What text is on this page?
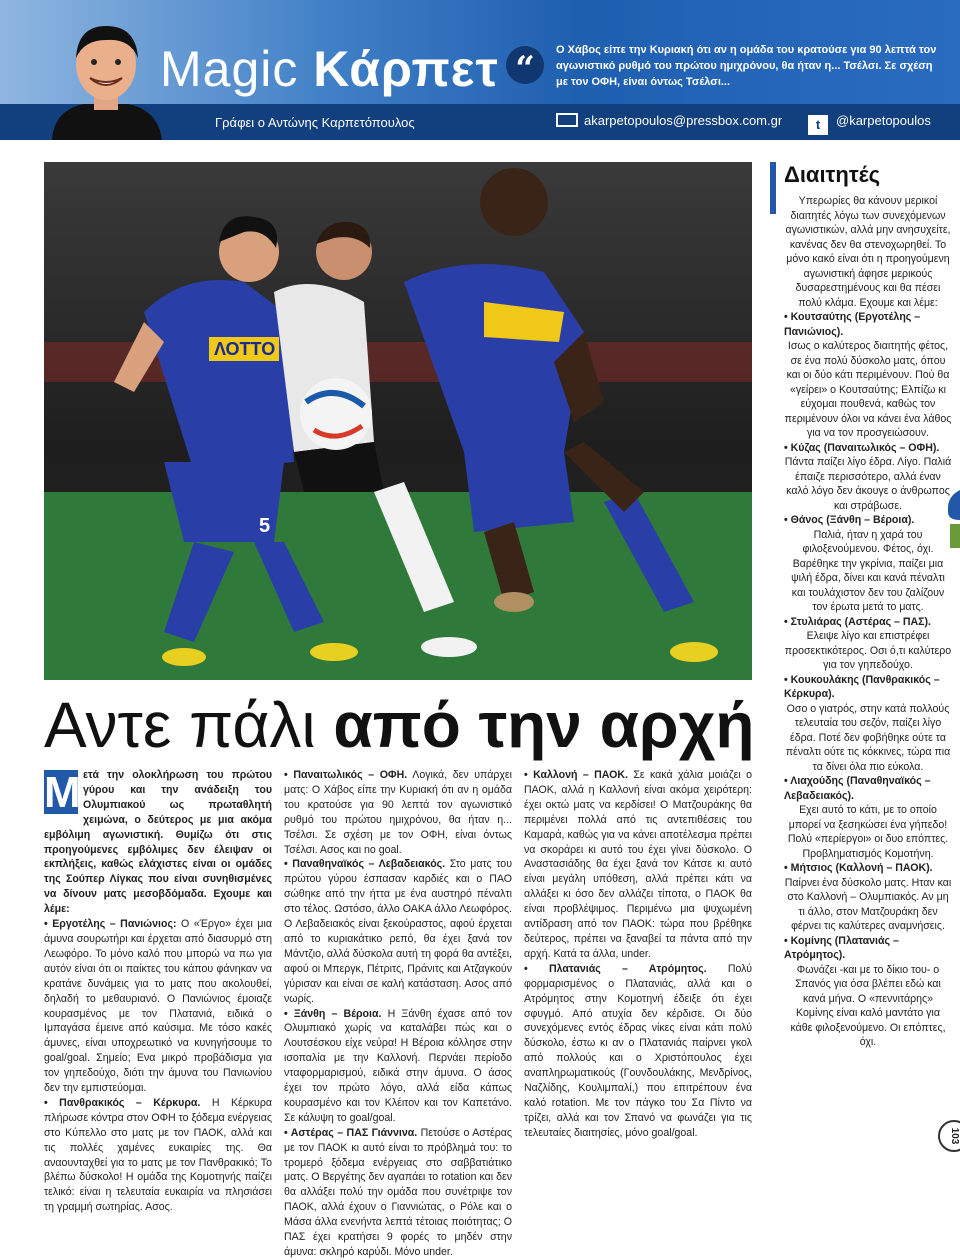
Magic Κάρπετ “	Ο Χάβος είπε την Κυριακή ότι αν η ομάδα του κρατούσε για 90 λεπτά τον αγωνιστικό ρυθμό του πρώτου ημιχρόνου, θα ήταν η... Τσέλσι. Σε σχέση με τον ΟΦΗ, είναι όντως Τσέλσι...
Γράφει ο Αντώνης Καρπετόπουλος	akarpetopoulos@pressbox.com.gr	t @karpetopoulos
ΛΟΤΤΟ
5
Αντε πάλι από την αρχή

Μ ετά την ολοκλήρωση του πρώτου γύρου και την ανάδειξη του Ολυμπιακού ως πρωταθλητή χειμώνα, ο δεύτερος με μια ακόμα εμβόλιμη αγωνιστική. Θυμίζω ότι στις προηγούμενες εμβόλιμες δεν έλειψαν οι εκπλήξεις, καθώς ελάχιστες είναι οι ομάδες της Σούπερ Λίγκας που είναι συνηθισμένες να δίνουν ματς μεσοβδόμαδα. Εχουμε και λέμε:

• Εργοτέλης – Πανιώνιος: Ο «Έργο» έχει μια άμυνα σουρωτήρι και έρχεται από διασυρμό στη Λεωφόρο. Το μόνο καλό που μπορώ να πω για αυτόν είναι ότι οι παίκτες του κάπου φάνηκαν να κρατάνε δυνάμεις για το ματς που ακολουθεί, δηλαδή το μεθαυριανό. Ο Πανιώνιος έμοιαζε κουρασμένος με τον Πλατανιά, ειδικά ο Ιμπαγάσα έμεινε από καύσιμα. Με τόσο κακές άμυνες, είναι υποχρεωτικό να κυνηγήσουμε το goal/goal. Σημείο; Ενα μικρό προβάδισμα για τον γηπεδούχο, διότι την άμυνα του Πανιωνίου δεν την εμπιστεύομαι.

• Πανθρακικός – Κέρκυρα. Η Κέρκυρα πλήρωσε κόντρα στον ΟΦΗ το ξόδεμα ενέργειας στο Κύπελλο στο ματς με τον ΠΑΟΚ, αλλά και τις πολλές χαμένες ευκαιρίες της. Θα αναουνταχθεί για το ματς με τον Πανθρακικό; Το βλέπω δύσκολο! Η ομάδα της Κομοτηνής παίζει τελικό: είναι η τελευταία ευκαιρία να πλησιάσει τη γραμμή σωτηρίας. Ασος.

• Παναιτωλικός – ΟΦΗ. Λογικά, δεν υπάρχει ματς: Ο Χάβος είπε την Κυριακή ότι αν η ομάδα του κρατούσε για 90 λεπτά τον αγωνιστικό ρυθμό του πρώτου ημιχρόνου, θα ήταν η... Τσέλσι. Σε σχέση με τον ΟΦΗ, είναι όντως Τσέλσι. Ασος και no goal.

• Παναθηναϊκός – Λεβαδειακός. Στο ματς του πρώτου γύρου έσπασαν καρδιές και ο ΠΑΟ σώθηκε από την ήττα με ένα αυστηρό πέναλτι στο τέλος. Ωστόσο, άλλο ΟΑΚΑ άλλο Λεωφόρος. Ο Λεβαδειακός είναι ξεκούραστος, αφού έρχεται από το κυριακάτικο ρεπό, θα έχει ξανά τον Μάντζιο, αλλά δύσκολα αυτή τη φορά θα αντέξει, αφού οι Μπεργκ, Πέτριτς, Πράνιτς και Ατζαγκούν γύρισαν και είναι σε καλή κατάσταση. Ασος από νωρίς.

• Ξάνθη – Βέροια. Η Ξάνθη έχασε από τον Ολυμπιακό χωρίς να καταλάβει πώς και ο Λουτσέσκου είχε νεύρα! Η Βέροια κόλλησε στην ισοπαλία με την Καλλονή. Περνάει περίοδο νταφορμαρισμού, ειδικά στην άμυνα. Ο άσος έχει τον πρώτο λόγο, αλλά είδα κάπως κουρασμένο και τον Κλέιτον και τον Καπετάνο. Σε κάλυψη το goal/goal.

• Αστέρας – ΠΑΣ Γιάννινα. Πετούσε ο Αστέρας με τον ΠΑΟΚ κι αυτό είναι το πρόβλημά του: το τρομερό ξόδεμα ενέργειας στο σαββατιάτικο ματς. Ο Βεργέτης δεν αγαπάει το rotation και δεν θα αλλάξει πολύ την ομάδα που συνέτριψε τον ΠΑΟΚ, αλλά έχουν ο Γιαννιώτας, ο Ρόλε και ο Μάσα άλλα ενενήντα λεπτά τέτοιας ποιότητας; Ο ΠΑΣ έχει κρατήσει 9 φορές το μηδέν στην άμυνα: σκληρό καρύδι. Μόνο under.

• Καλλονή – ΠΑΟΚ. Σε κακά χάλια μοιάζει ο ΠΑΟΚ, αλλά η Καλλονή είναι ακόμα χειρότερη: έχει οκτώ ματς να κερδίσει! Ο Ματζουράκης θα περιμένει πολλά από τις αντεπιθέσεις του Καμαρά, καθώς για να κάνει αποτέλεσμα πρέπει να σκοράρει κι αυτό του έχει γίνει δύσκολο. Ο Αναστασιάδης θα έχει ξανά τον Κάτσε κι αυτό είναι μεγάλη υπόθεση, αλλά πρέπει κάτι να αλλάξει κι όσο δεν αλλάζει τίποτα, ο ΠΑΟΚ θα είναι προβλέψιμος. Περιμένω μια ψυχωμένη αντίδραση από τον ΠΑΟΚ: τώρα που βρέθηκε δεύτερος, πρέπει να ξαναβεί τα πάντα από την αρχή. Κατά τα άλλα, under.

• Πλατανιάς – Ατρόμητος. Πολύ φορμαρισμένος ο Πλατανιάς, αλλά και ο Ατρόμητος στην Κομοτηνή έδειξε ότι έχει σφυγμό. Από ατυχία δεν κέρδισε. Οι δύο συνεχόμενες εντός έδρας νίκες είναι κάτι πολύ δύσκολο, έστω κι αν ο Πλατανιάς παίρνει γκολ από πολλούς και ο Χριστόπουλος έχει αναπληρωματικούς (Γουνδουλάκης, Μενδρίνος, Ναζλίδης, Κουλιμπαλί,) που επιτρέπουν ένα καλό rotation. Με τον πάγκο του Σα Πίντο να τρίζει, αλλά και τον Σπανό να φωνάζει για τις τελευταίες διαιτησίες, μόνο goal/goal.

Διαιτητές
Υπερωρίες θα κάνουν μερικοί διαιτητές λόγω των συνεχόμενων αγωνιστικών, αλλά μην ανησυχείτε, κανένας δεν θα στενοχωρηθεί. Το μόνο κακό είναι ότι η προηγούμενη αγωνιστική άφησε μερικούς δυσαρεστημένους και θα πέσει πολύ κλάμα. Εχουμε και λέμε:
• Κουτσαύτης (Εργοτέλης – Πανιώνιος).
Ισως ο καλύτερος διαιτητής φέτος, σε ένα πολύ δύσκολο ματς, όπου και οι δύο κάτι περιμένουν. Πού θα «γείρει» ο Κουτσαύτης; Ελπίζω κι εύχομαι πουθενά, καθώς τον περιμένουν όλοι να κάνει ένα λάθος για να τον προσγειώσουν.
• Κύζας (Παναιτωλικός – ΟΦΗ).
Πάντα παίζει λίγο έδρα. Λίγο. Παλιά έπαιζε περισσότερο, αλλά έναν καλό λόγο δεν άκουγε ο άνθρωπος και στράβωσε.
• Θάνος (Ξάνθη – Βέροια).
Παλιά, ήταν η χαρά του φιλοξενούμενου. Φέτος, όχι. Βαρέθηκε την γκρίνια, παίζει μια ψιλή έδρα, δίνει και κανά πέναλτι και τουλάχιστον δεν του ζαλίζουν τον έρωτα μετά το ματς.
• Στυλιάρας (Αστέρας – ΠΑΣ).
Ελειψε λίγο και επιστρέφει προσεκτικότερος. Οσι ό,τι καλύτερο για τον γηπεδούχο.
• Κουκουλάκης (Πανθρακικός – Κέρκυρα).
Οσο ο γιατρός, στην κατά πολλούς τελευταία του σεζόν, παίζει λίγο έδρα. Ποτέ δεν φοβήθηκε ούτε τα πέναλτι ούτε τις κόκκινες, τώρα πια τα δίνει όλα πιο εύκολα.
• Λιαχούδης (Παναθηναϊκός – Λεβαδειακός).
Εχει αυτό το κάτι, με το οποίο μπορεί να ξεσηκώσει ένα γήπεδο! Πολύ «περίεργοι» οι δυο επόπτες. Προβληματισμός Κομοτήνη.
• Μήτσιος (Καλλονή – ΠΑΟΚ).
Παίρνει ένα δύσκολο ματς. Ηταν και στο Καλλονή – Ολυμπιακός. Αν μη τι άλλο, στον Ματζουράκη δεν φέρνει τις καλύτερες αναμνήσεις.
• Κομίνης (Πλατανιάς – Ατρόμητος).
Φωνάζει -και με το δίκιο του- ο Σπανός για όσα βλέπει εδώ και κανά μήνα. Ο «πεννιτάρης» Κομίνης είναι καλό μαντάτο για κάθε φιλοξενούμενο. Οι επόπτες, όχι.
103
